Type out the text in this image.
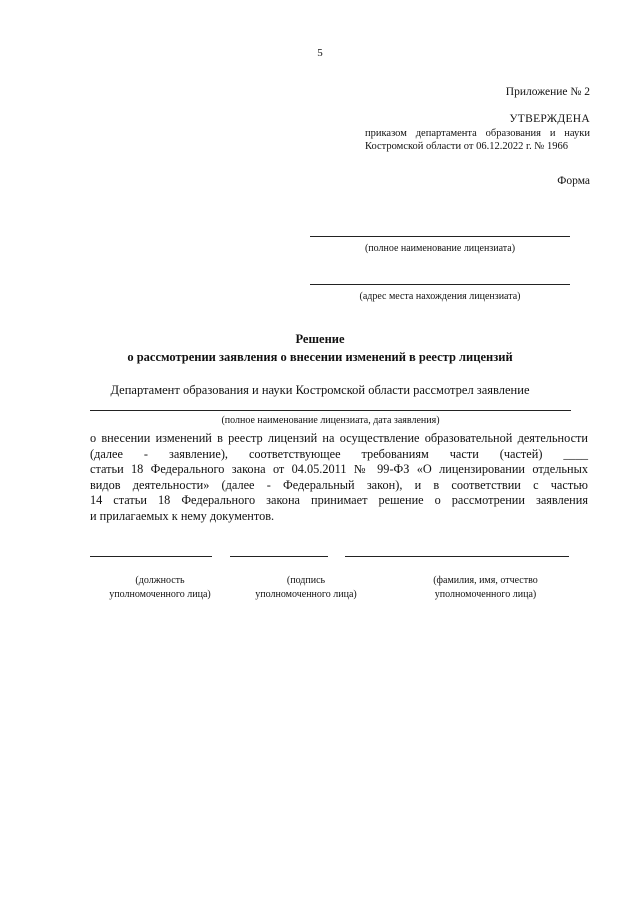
5
Приложение № 2
УТВЕРЖДЕНА
приказом департамента образования и науки
Костромской области от 06.12.2022 г. № 1966
Форма
(полное наименование лицензиата)
(адрес места нахождения лицензиата)
Решение
о рассмотрении заявления о внесении изменений в реестр лицензий
Департамент образования и науки Костромской области рассмотрел заявление
(полное наименование лицензиата, дата заявления)
о внесении изменений в реестр лицензий на осуществление образовательной деятельности
(далее - заявление), соответствующее требованиям части (частей) ____
статьи 18 Федерального закона от 04.05.2011 № 99-ФЗ «О лицензировании отдельных
видов деятельности» (далее - Федеральный закон), и в соответствии с частью
14 статьи 18 Федерального закона принимает решение о рассмотрении заявления
и прилагаемых к нему документов.
(должность
уполномоченного лица)
(подпись
уполномоченного лица)
(фамилия, имя, отчество
уполномоченного лица)
